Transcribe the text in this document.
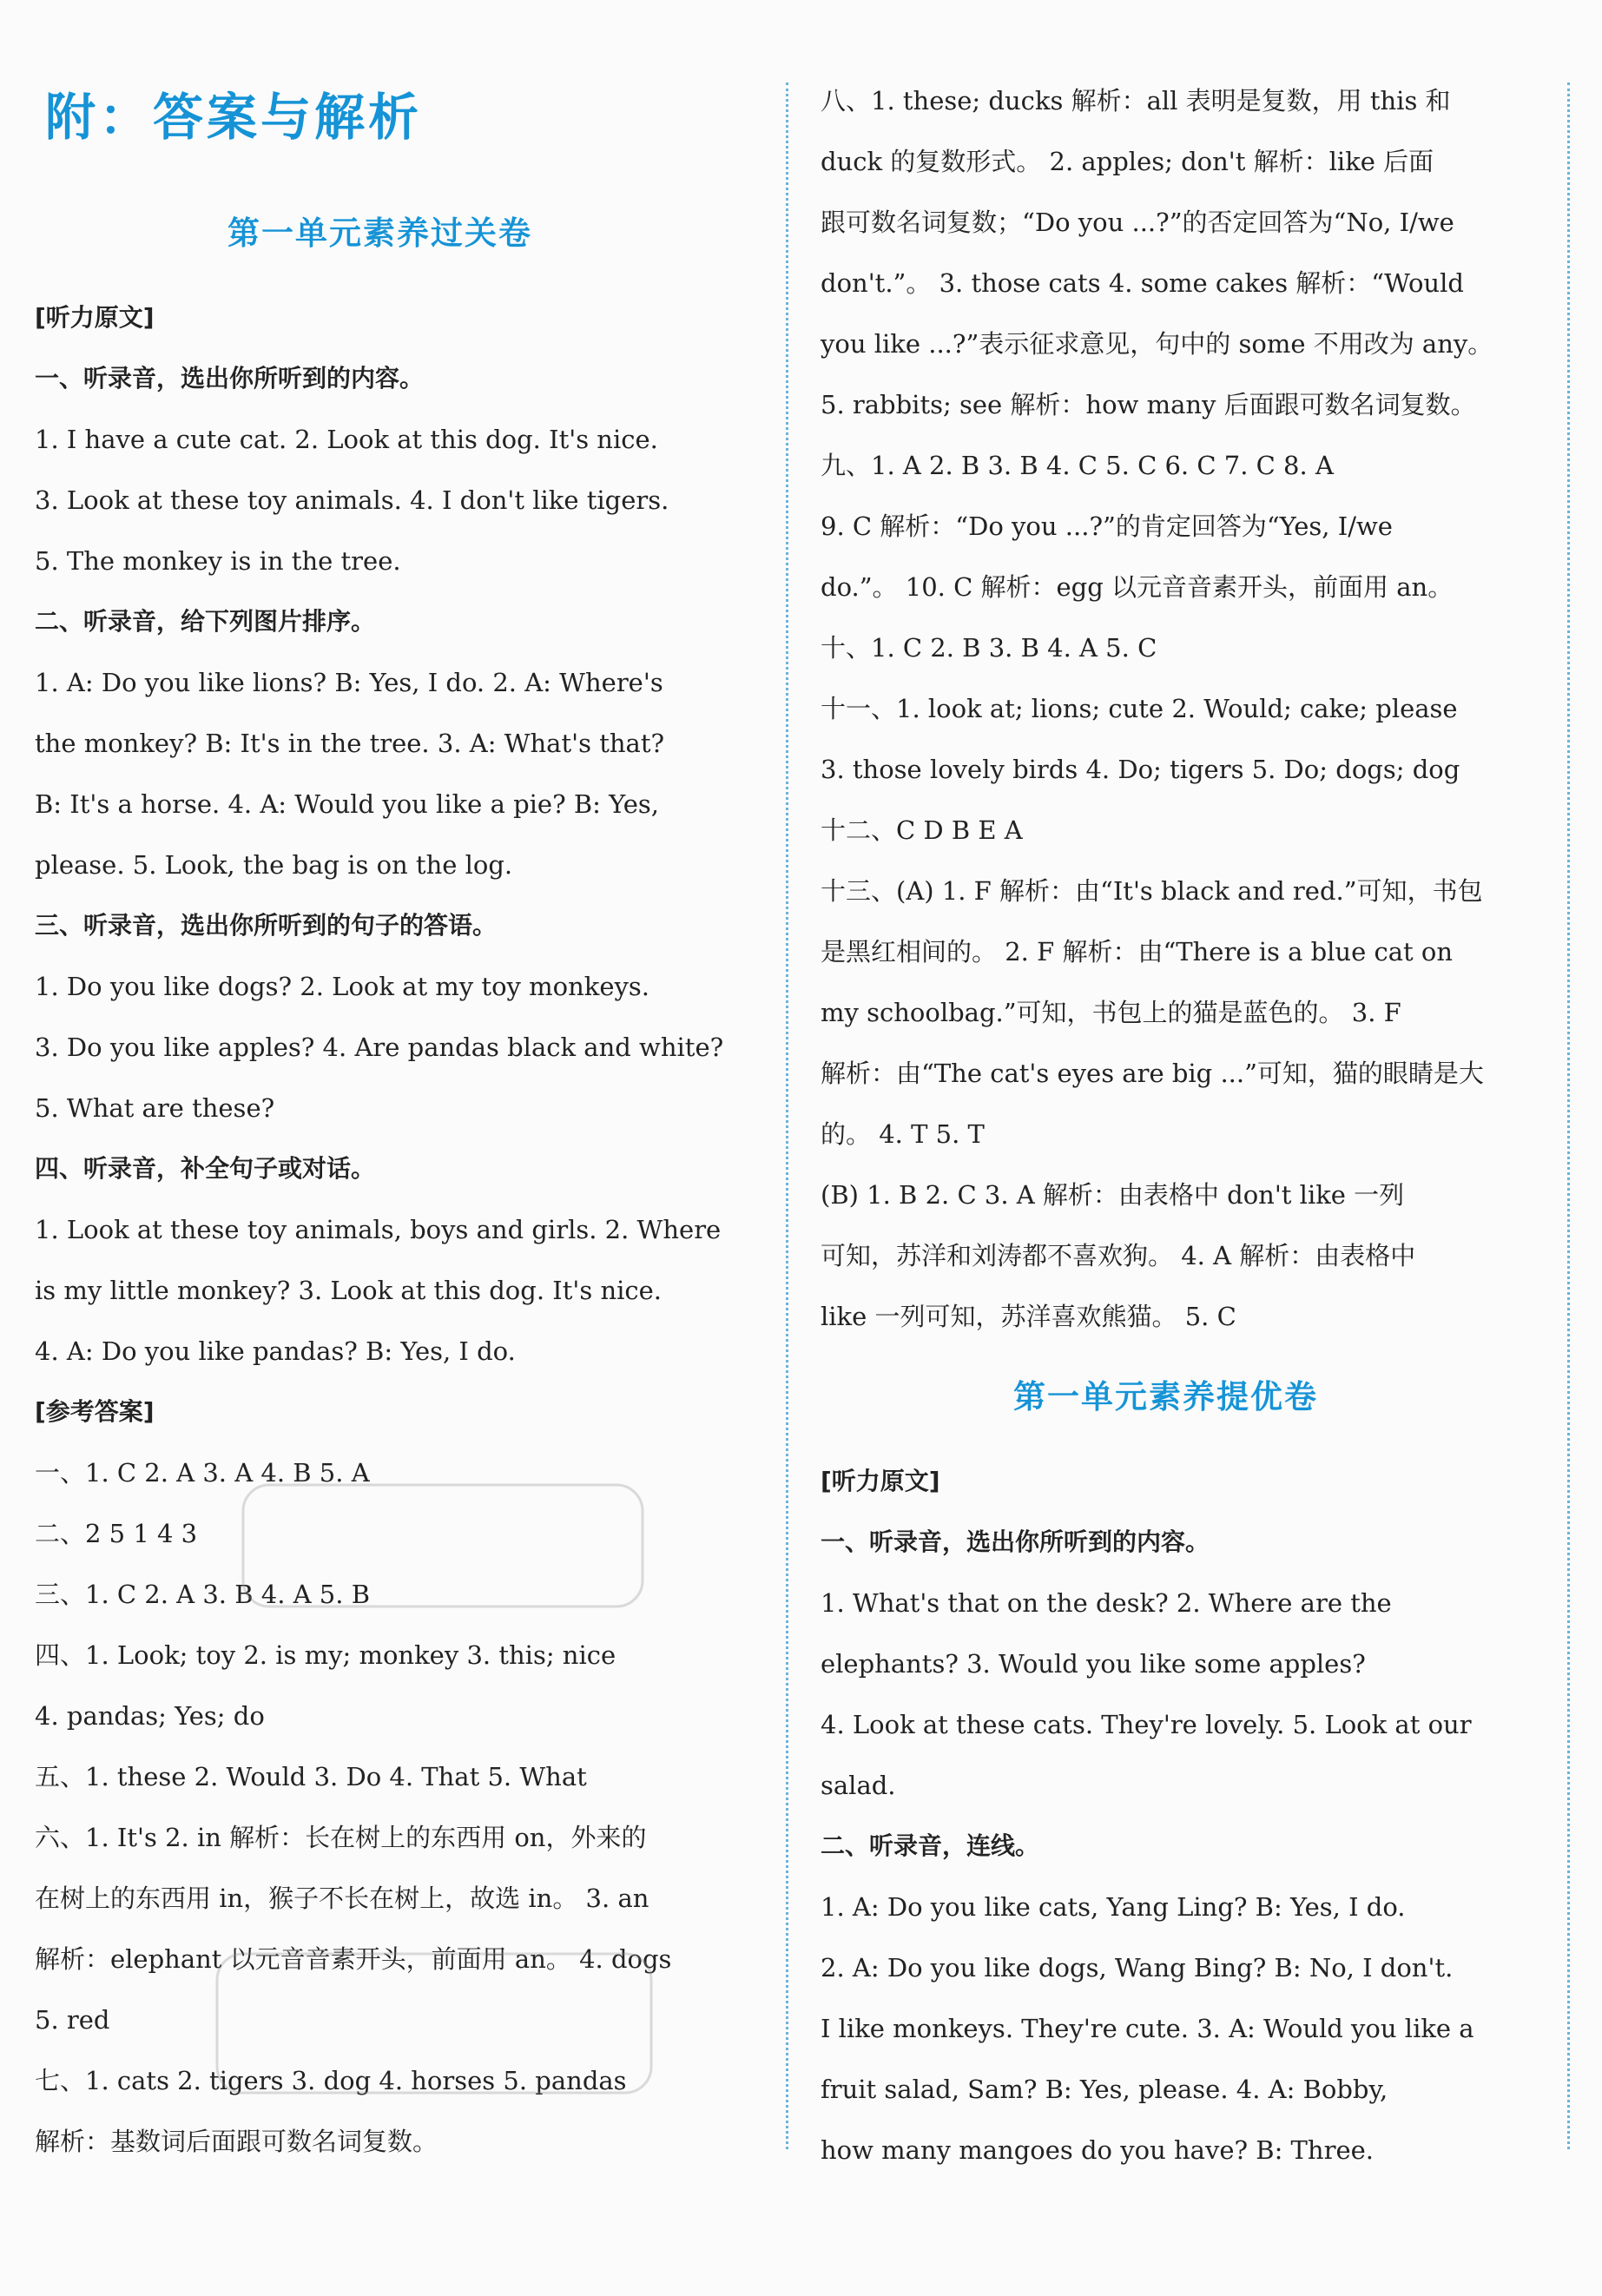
附：答案与解析
第一单元素养过关卷
[听力原文]
一、听录音，选出你所听到的内容。
1. I have a cute cat. 2. Look at this dog. It's nice.
3. Look at these toy animals. 4. I don't like tigers.
5. The monkey is in the tree.
二、听录音，给下列图片排序。
1. A: Do you like lions? B: Yes, I do. 2. A: Where's
the monkey? B: It's in the tree. 3. A: What's that?
B: It's a horse. 4. A: Would you like a pie? B: Yes,
please. 5. Look, the bag is on the log.
三、听录音，选出你所听到的句子的答语。
1. Do you like dogs? 2. Look at my toy monkeys.
3. Do you like apples? 4. Are pandas black and white?
5. What are these?
四、听录音，补全句子或对话。
1. Look at these toy animals, boys and girls. 2. Where
is my little monkey? 3. Look at this dog. It's nice.
4. A: Do you like pandas? B: Yes, I do.
[参考答案]
一、1. C 2. A 3. A 4. B 5. A
二、2 5 1 4 3
三、1. C 2. A 3. B 4. A 5. B
四、1. Look; toy 2. is my; monkey 3. this; nice
4. pandas; Yes; do
五、1. these 2. Would 3. Do 4. That 5. What
六、1. It's 2. in 解析：长在树上的东西用 on，外来的
在树上的东西用 in，猴子不长在树上，故选 in。 3. an
解析：elephant 以元音音素开头，前面用 an。 4. dogs
5. red
七、1. cats 2. tigers 3. dog 4. horses 5. pandas
解析：基数词后面跟可数名词复数。
八、1. these; ducks 解析：all 表明是复数，用 this 和
duck 的复数形式。 2. apples; don't 解析：like 后面
跟可数名词复数；“Do you ...?”的否定回答为“No, I/we
don't.”。 3. those cats 4. some cakes 解析：“Would
you like ...?”表示征求意见，句中的 some 不用改为 any。
5. rabbits; see 解析：how many 后面跟可数名词复数。
九、1. A 2. B 3. B 4. C 5. C 6. C 7. C 8. A
9. C 解析：“Do you ...?”的肯定回答为“Yes, I/we
do.”。 10. C 解析：egg 以元音音素开头，前面用 an。
十、1. C 2. B 3. B 4. A 5. C
十一、1. look at; lions; cute 2. Would; cake; please
3. those lovely birds 4. Do; tigers 5. Do; dogs; dog
十二、C D B E A
十三、(A) 1. F 解析：由“It's black and red.”可知，书包
是黑红相间的。 2. F 解析：由“There is a blue cat on
my schoolbag.”可知，书包上的猫是蓝色的。 3. F
解析：由“The cat's eyes are big ...”可知，猫的眼睛是大
的。 4. T 5. T
(B) 1. B 2. C 3. A 解析：由表格中 don't like 一列
可知，苏洋和刘涛都不喜欢狗。 4. A 解析：由表格中
like 一列可知，苏洋喜欢熊猫。 5. C
第一单元素养提优卷
[听力原文]
一、听录音，选出你所听到的内容。
1. What's that on the desk? 2. Where are the
elephants? 3. Would you like some apples?
4. Look at these cats. They're lovely. 5. Look at our
salad.
二、听录音，连线。
1. A: Do you like cats, Yang Ling? B: Yes, I do.
2. A: Do you like dogs, Wang Bing? B: No, I don't.
I like monkeys. They're cute. 3. A: Would you like a
fruit salad, Sam? B: Yes, please. 4. A: Bobby,
how many mangoes do you have? B: Three.
